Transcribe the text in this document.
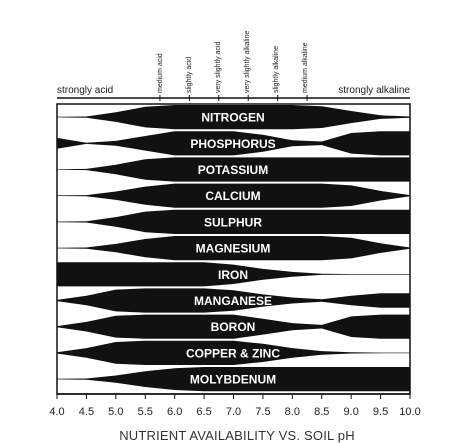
NITROGEN
PHOSPHORUS
POTASSIUM
CALCIUM
SULPHUR
MAGNESIUM
IRON
MANGANESE
BORON
COPPER & ZINC
MOLYBDENUM
strongly acid	strongly alkaline
medium acid	slightly acid	very slightly acid	very slightly alkaline	slightly alkaline	medium alkaline
4.0 4.5 5.0 5.5 6.0 6.5 7.0 7.5 8.0 8.5 9.0 9.5 10.0
NUTRIENT AVAILABILITY VS. SOIL pH
